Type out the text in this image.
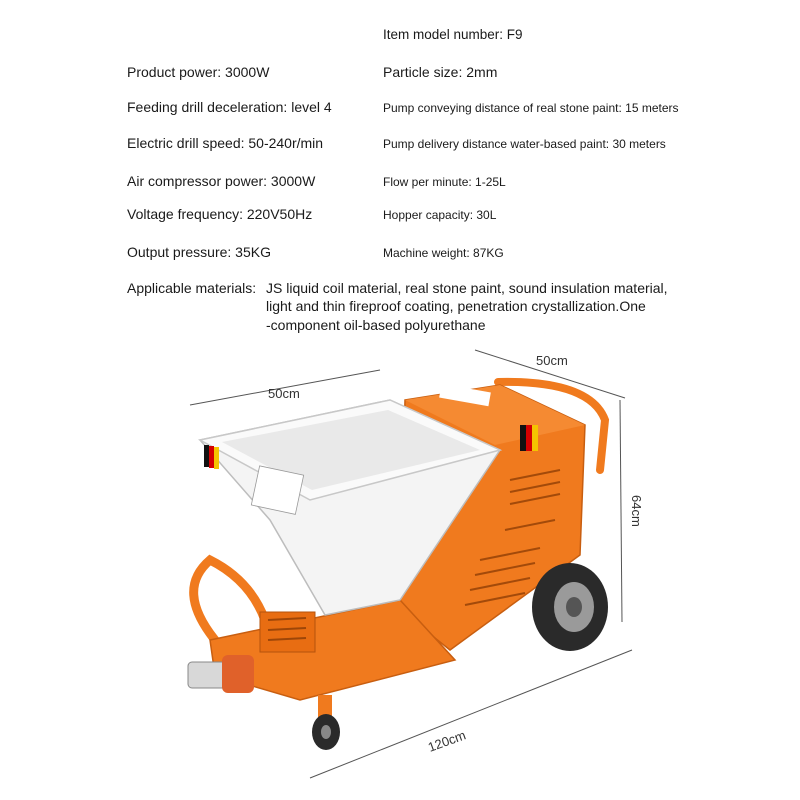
Item model number: F9
Product power: 3000W
Feeding drill deceleration: level 4
Electric drill speed: 50-240r/min
Air compressor power: 3000W
Voltage frequency: 220V50Hz
Output pressure: 35KG
Particle size: 2mm
Pump conveying distance of real stone paint: 15 meters
Pump delivery distance water-based paint: 30 meters
Flow per minute: 1-25L
Hopper capacity: 30L
Machine weight: 87KG
Applicable materials: JS liquid coil material, real stone paint, sound insulation material,
light and thin fireproof coating, penetration crystallization.One
-component oil-based polyurethane
50cm
50cm
64cm
120cm
